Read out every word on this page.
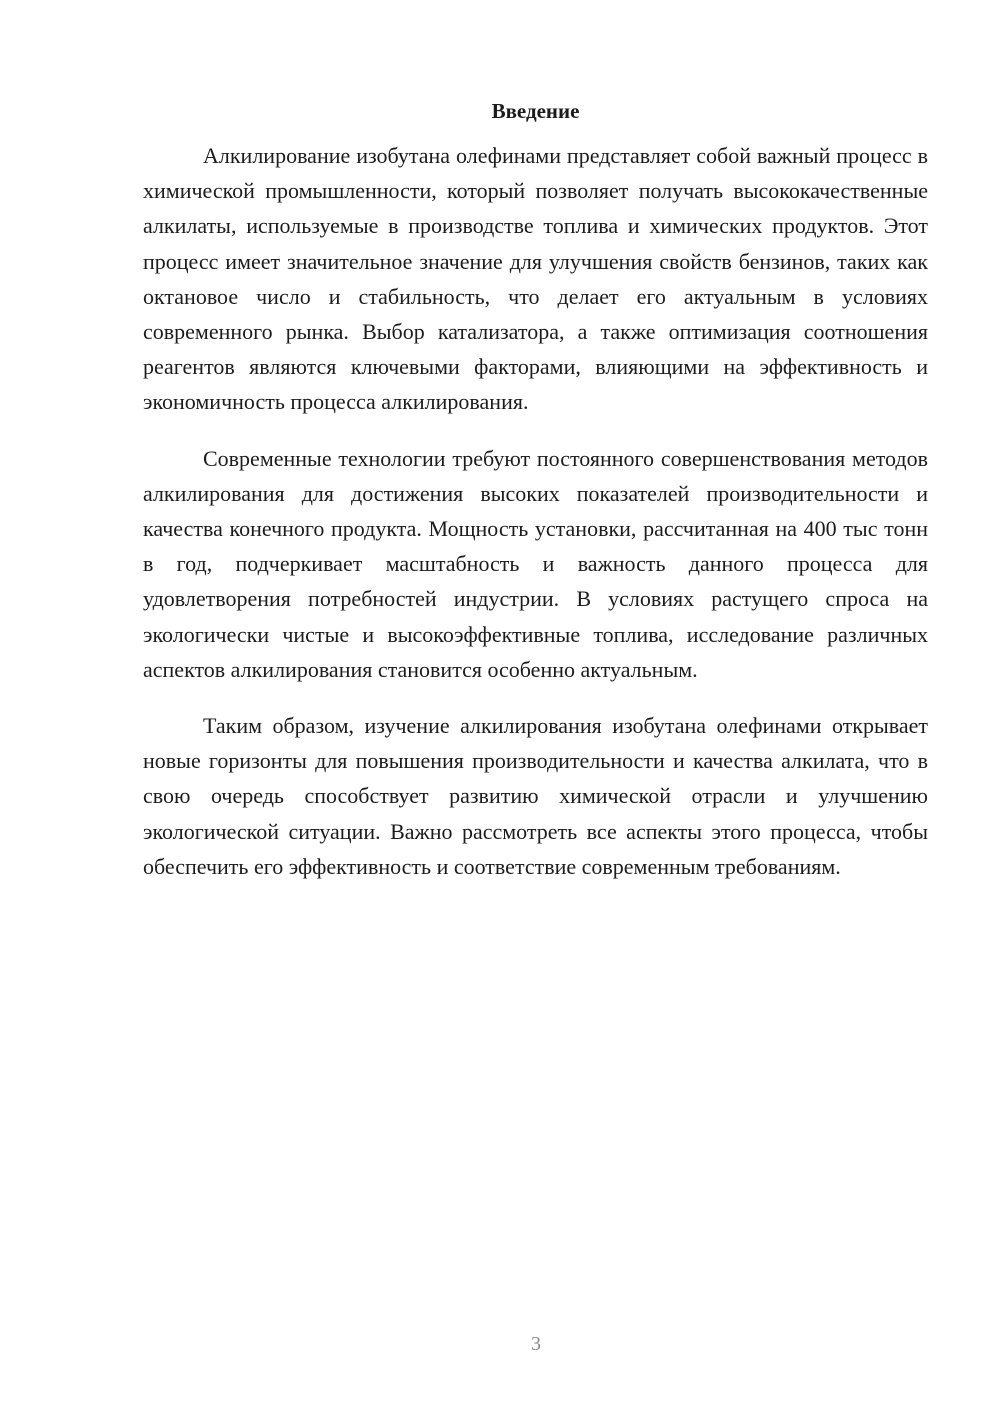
Введение

Алкилирование изобутана олефинами представляет собой важный процесс в химической промышленности, который позволяет получать высококачественные алкилаты, используемые в производстве топлива и химических продуктов. Этот процесс имеет значительное значение для улучшения свойств бензинов, таких как октановое число и стабильность, что делает его актуальным в условиях современного рынка. Выбор катализатора, а также оптимизация соотношения реагентов являются ключевыми факторами, влияющими на эффективность и экономичность процесса алкилирования.

Современные технологии требуют постоянного совершенствования методов алкилирования для достижения высоких показателей производительности и качества конечного продукта. Мощность установки, рассчитанная на 400 тыс тонн в год, подчеркивает масштабность и важность данного процесса для удовлетворения потребностей индустрии. В условиях растущего спроса на экологически чистые и высокоэффективные топлива, исследование различных аспектов алкилирования становится особенно актуальным.

Таким образом, изучение алкилирования изобутана олефинами открывает новые горизонты для повышения производительности и качества алкилата, что в свою очередь способствует развитию химической отрасли и улучшению экологической ситуации. Важно рассмотреть все аспекты этого процесса, чтобы обеспечить его эффективность и соответствие современным требованиям.

3
